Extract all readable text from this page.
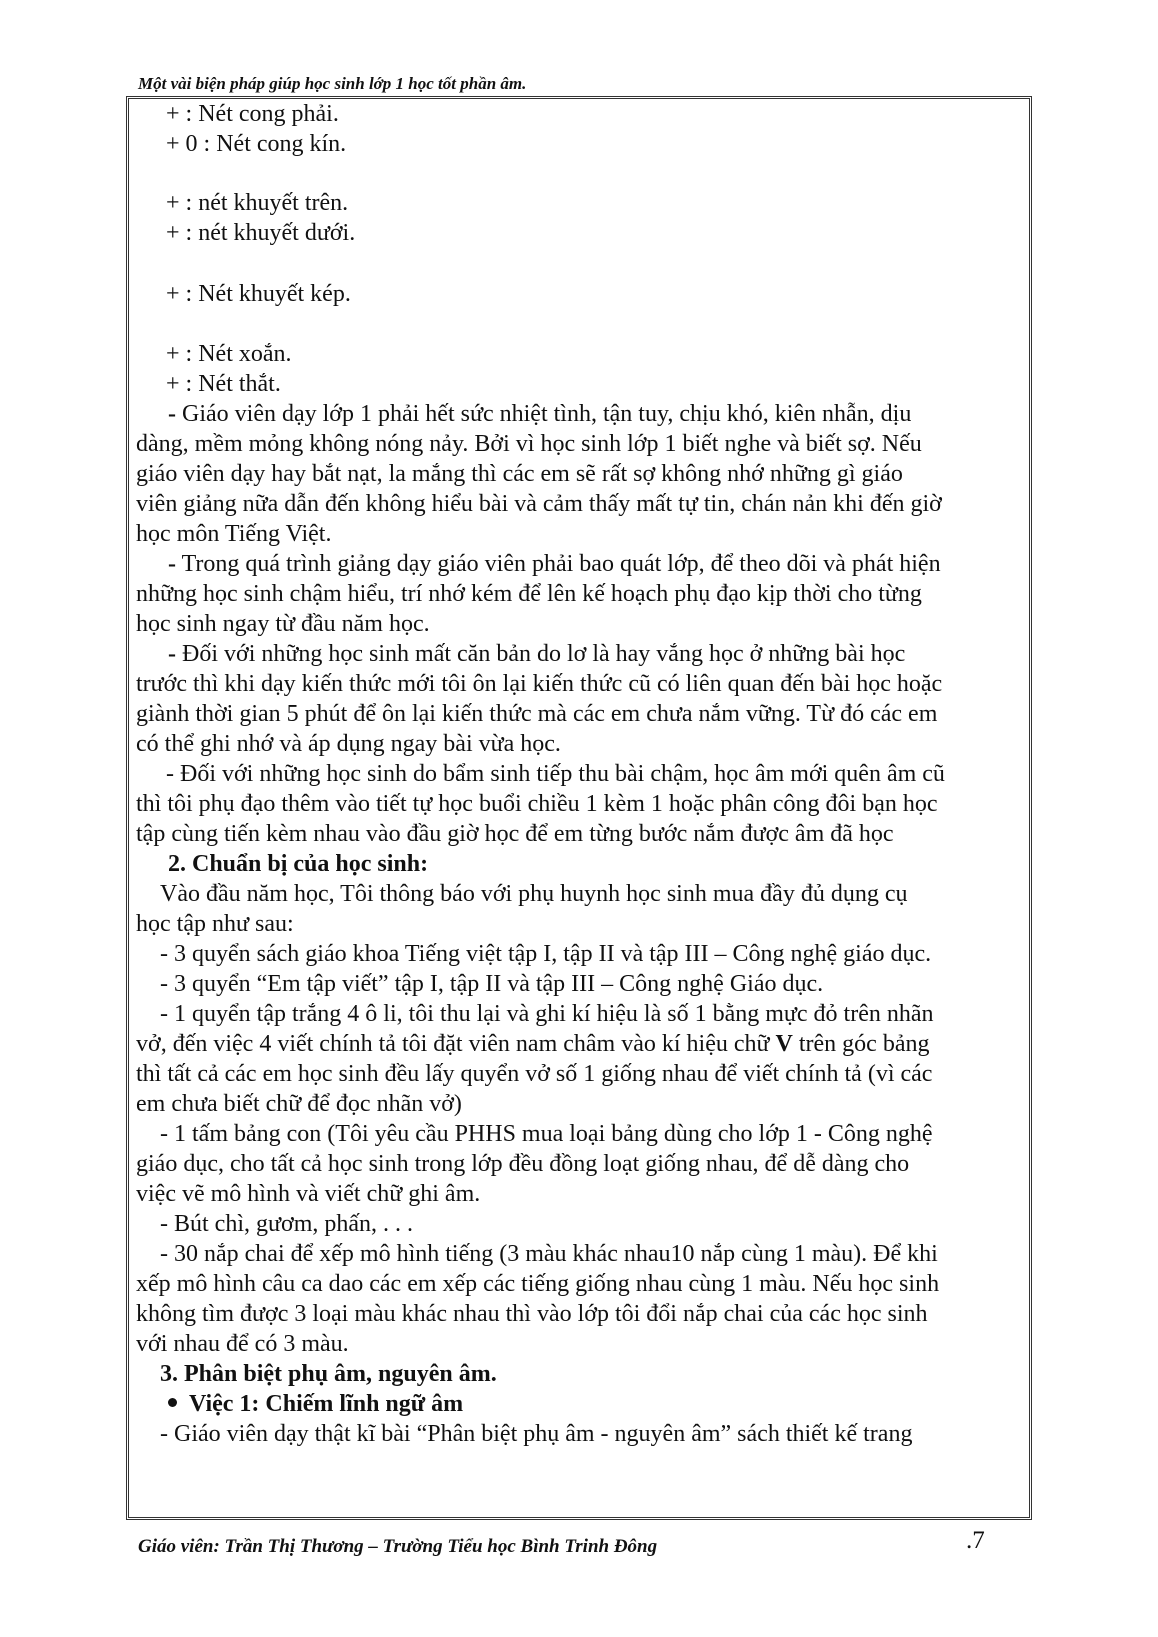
Một vài biện pháp giúp học sinh lớp 1 học tốt phần âm.
+ : Nét cong phải.
+ 0 : Nét cong kín.
+ : nét khuyết trên.
+ : nét khuyết dưới.
+ : Nét khuyết kép.
+ : Nét xoắn.
+ : Nét thắt.
- Giáo viên dạy lớp 1 phải hết sức nhiệt tình, tận tuy, chịu khó, kiên nhẫn, dịu
dàng, mềm mỏng không nóng nảy. Bởi vì học sinh lớp 1 biết nghe và biết sợ. Nếu
giáo viên dạy hay bắt nạt, la mắng thì các em sẽ rất sợ không nhớ những gì giáo
viên giảng nữa dẫn đến không hiểu bài và cảm thấy mất tự tin, chán nản khi đến giờ
học môn Tiếng Việt.
- Trong quá trình giảng dạy giáo viên phải bao quát lớp, để theo dõi và phát hiện
những học sinh chậm hiểu, trí nhớ kém để lên kế hoạch phụ đạo kịp thời cho từng
học sinh ngay từ đầu năm học.
- Đối với những học sinh mất căn bản do lơ là hay vắng học ở những bài học
trước thì khi dạy kiến thức mới tôi ôn lại kiến thức cũ có liên quan đến bài học hoặc
giành thời gian 5 phút để ôn lại kiến thức mà các em chưa nắm vững. Từ đó các em
có thể ghi nhớ và áp dụng ngay bài vừa học.
- Đối với những học sinh do bẩm sinh tiếp thu bài chậm, học âm mới quên âm cũ
thì tôi phụ đạo thêm vào tiết tự học buổi chiều 1 kèm 1 hoặc phân công đôi bạn học
tập cùng tiến kèm nhau vào đầu giờ học để em từng bước nắm được âm đã học
2. Chuẩn bị của học sinh:
Vào đầu năm học, Tôi thông báo với phụ huynh học sinh mua đầy đủ dụng cụ
học tập như sau:
- 3 quyển sách giáo khoa Tiếng việt tập I, tập II và tập III – Công nghệ giáo dục.
- 3 quyển “Em tập viết” tập I, tập II và tập III – Công nghệ Giáo dục.
- 1 quyển tập trắng 4 ô li, tôi thu lại và ghi kí hiệu là số 1 bằng mực đỏ trên nhãn
vở, đến việc 4 viết chính tả tôi đặt viên nam châm vào kí hiệu chữ V trên góc bảng
thì tất cả các em học sinh đều lấy quyển vở số 1 giống nhau để viết chính tả (vì các
em chưa biết chữ để đọc nhãn vở)
- 1 tấm bảng con (Tôi yêu cầu PHHS mua loại bảng dùng cho lớp 1 - Công nghệ
giáo dục, cho tất cả học sinh trong lớp đều đồng loạt giống nhau, để dễ dàng cho
việc vẽ mô hình và viết chữ ghi âm.
- Bút chì, gươm, phấn, . . .
- 30 nắp chai để xếp mô hình tiếng (3 màu khác nhau10 nắp cùng 1 màu). Để khi
xếp mô hình câu ca dao các em xếp các tiếng giống nhau cùng 1 màu. Nếu học sinh
không tìm được 3 loại màu khác nhau thì vào lớp tôi đổi nắp chai của các học sinh
với nhau để có 3 màu.
3. Phân biệt phụ âm, nguyên âm.
Việc 1: Chiếm lĩnh ngữ âm
- Giáo viên dạy thật kĩ bài “Phân biệt phụ âm - nguyên âm” sách thiết kế trang
Giáo viên: Trần Thị Thương – Trường Tiểu học Bình Trinh Đông	.7
